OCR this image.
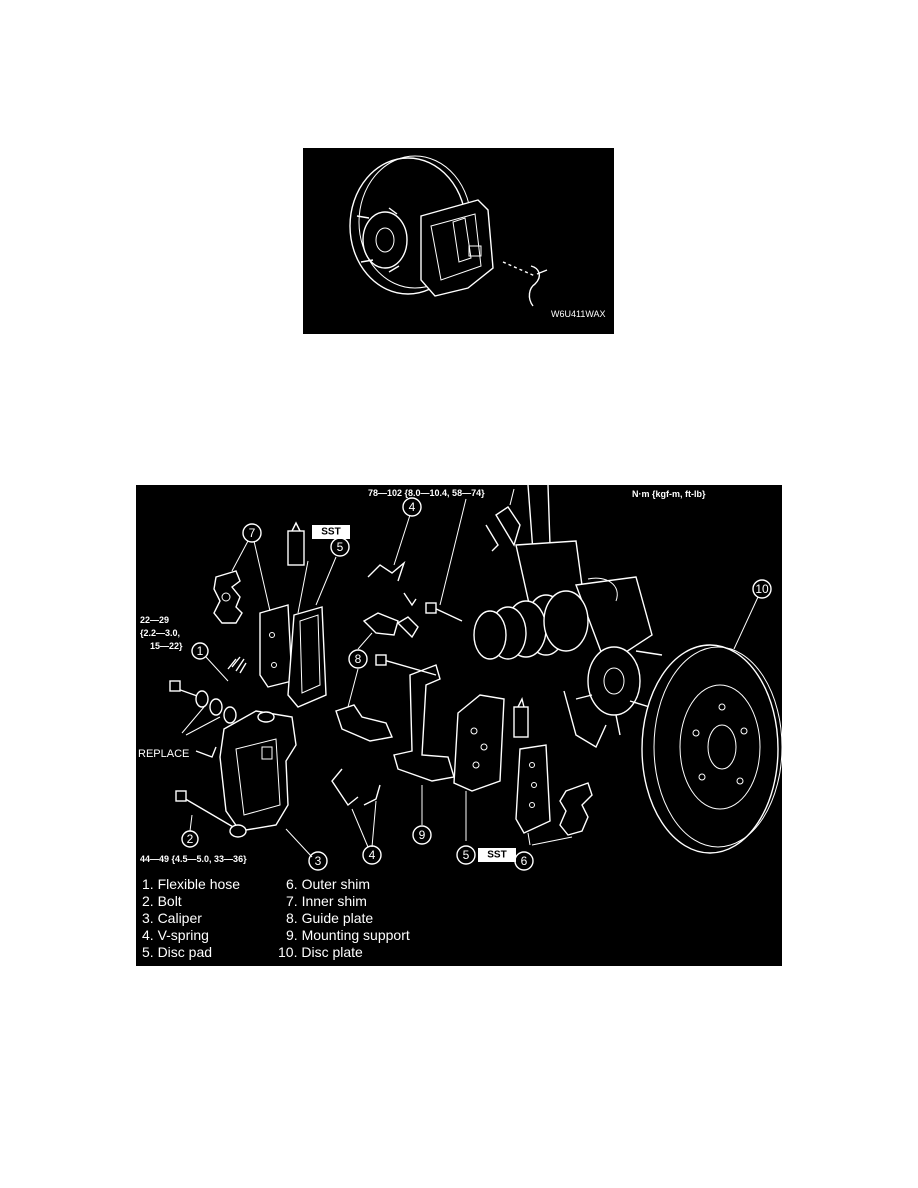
W6U411WAX
78—102 {8.0—10.4, 58—74}	N·m {kgf-m, ft-lb}
10
7	SST
5
4
8
9
4	5 SST 6
22—29
{2.2—3.0,
15—22} 1
REPLACE
3
2
44—49 {4.5—5.0, 33—36}
1. Flexible hose
2. Bolt
3. Caliper
4. V-spring
5. Disc pad
6. Outer shim
7. Inner shim
8. Guide plate
9. Mounting support
10. Disc plate
